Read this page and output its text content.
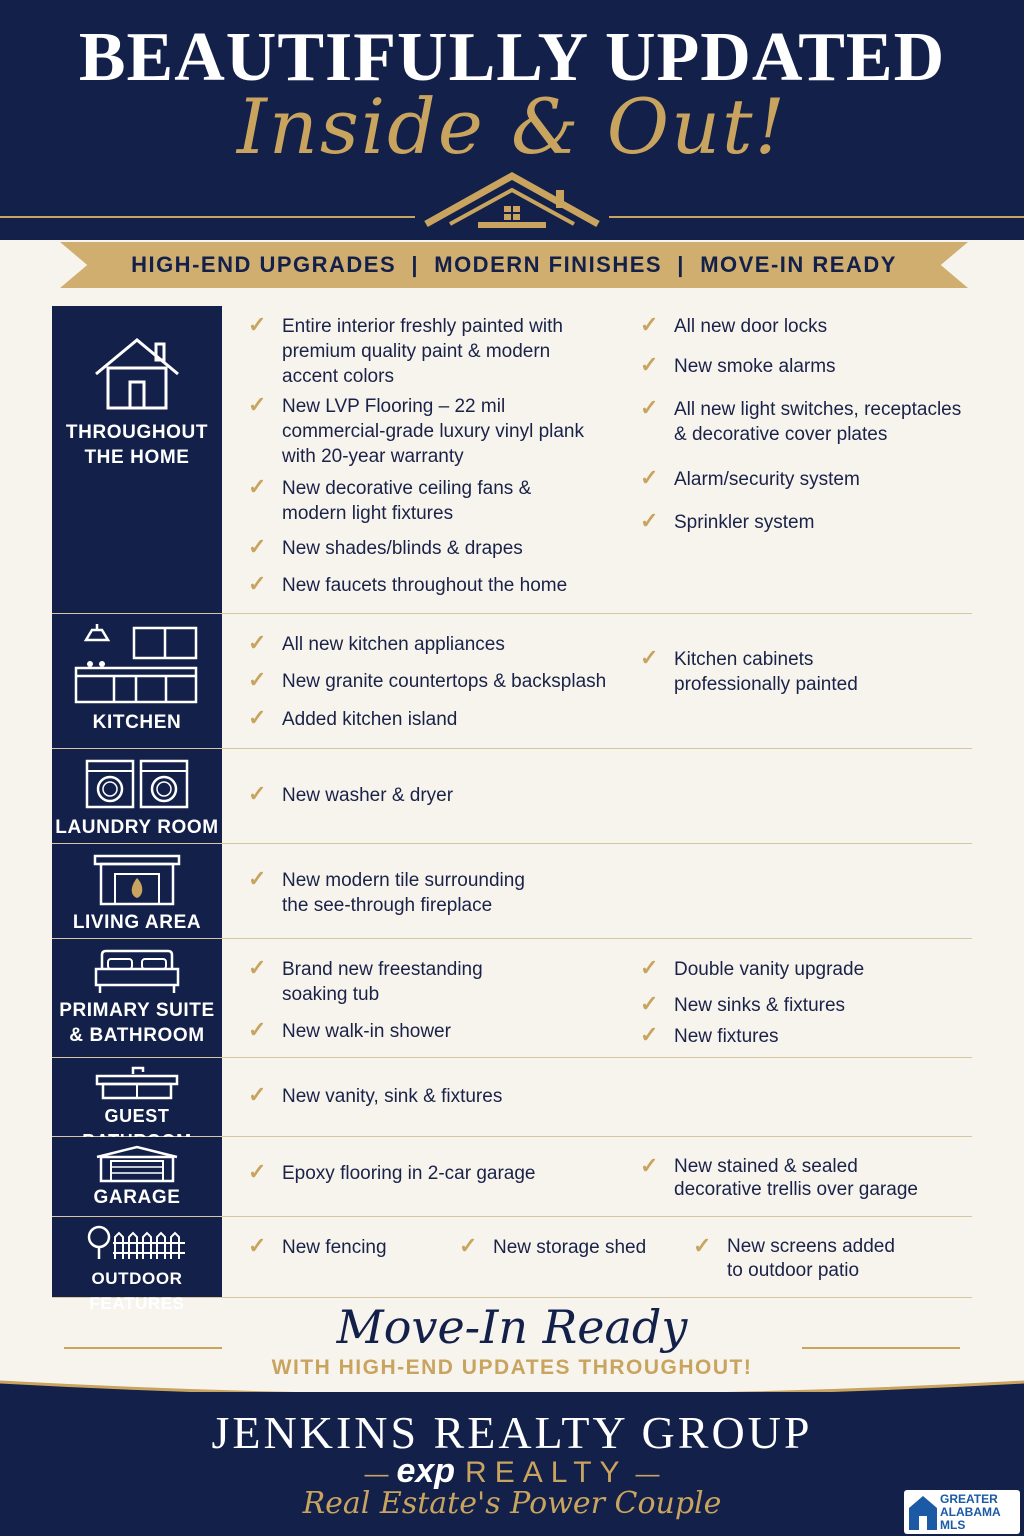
BEAUTIFULLY UPDATED
Inside & Out!
HIGH-END UPGRADES  |  MODERN FINISHES  |  MOVE-IN READY
THROUGHOUT
THE HOME
✓ Entire interior freshly painted with
premium quality paint & modern
accent colors
✓ New LVP Flooring – 22 mil
commercial-grade luxury vinyl plank
with 20-year warranty
✓ New decorative ceiling fans &
modern light fixtures
✓ New shades/blinds & drapes
✓ New faucets throughout the home
✓ All new door locks
✓ New smoke alarms
✓ All new light switches, receptacles
& decorative cover plates
✓ Alarm/security system
✓ Sprinkler system
KITCHEN
✓ All new kitchen appliances
✓ New granite countertops & backsplash
✓ Added kitchen island
✓ Kitchen cabinets
professionally painted
LAUNDRY ROOM
✓ New washer & dryer
LIVING AREA
✓ New modern tile surrounding
the see-through fireplace
PRIMARY SUITE
& BATHROOM
✓ Brand new freestanding
soaking tub
✓ New walk-in shower
✓ Double vanity upgrade
✓ New sinks & fixtures
✓ New fixtures
GUEST
✓ New vanity, sink & fixtures
GARAGE
✓ Epoxy flooring in 2-car garage	✓ New stained & sealed
decorative trellis over garage
OUTDOOR FEATURES
✓ New fencing	✓ New storage shed ✓ New screens added
to outdoor patio
Move-In Ready
WITH HIGH-END UPDATES THROUGHOUT!
JENKINS REALTY GROUP
— exp REALTY —
Real Estate's Power Couple	GREATER
ALABAMA
MLS
